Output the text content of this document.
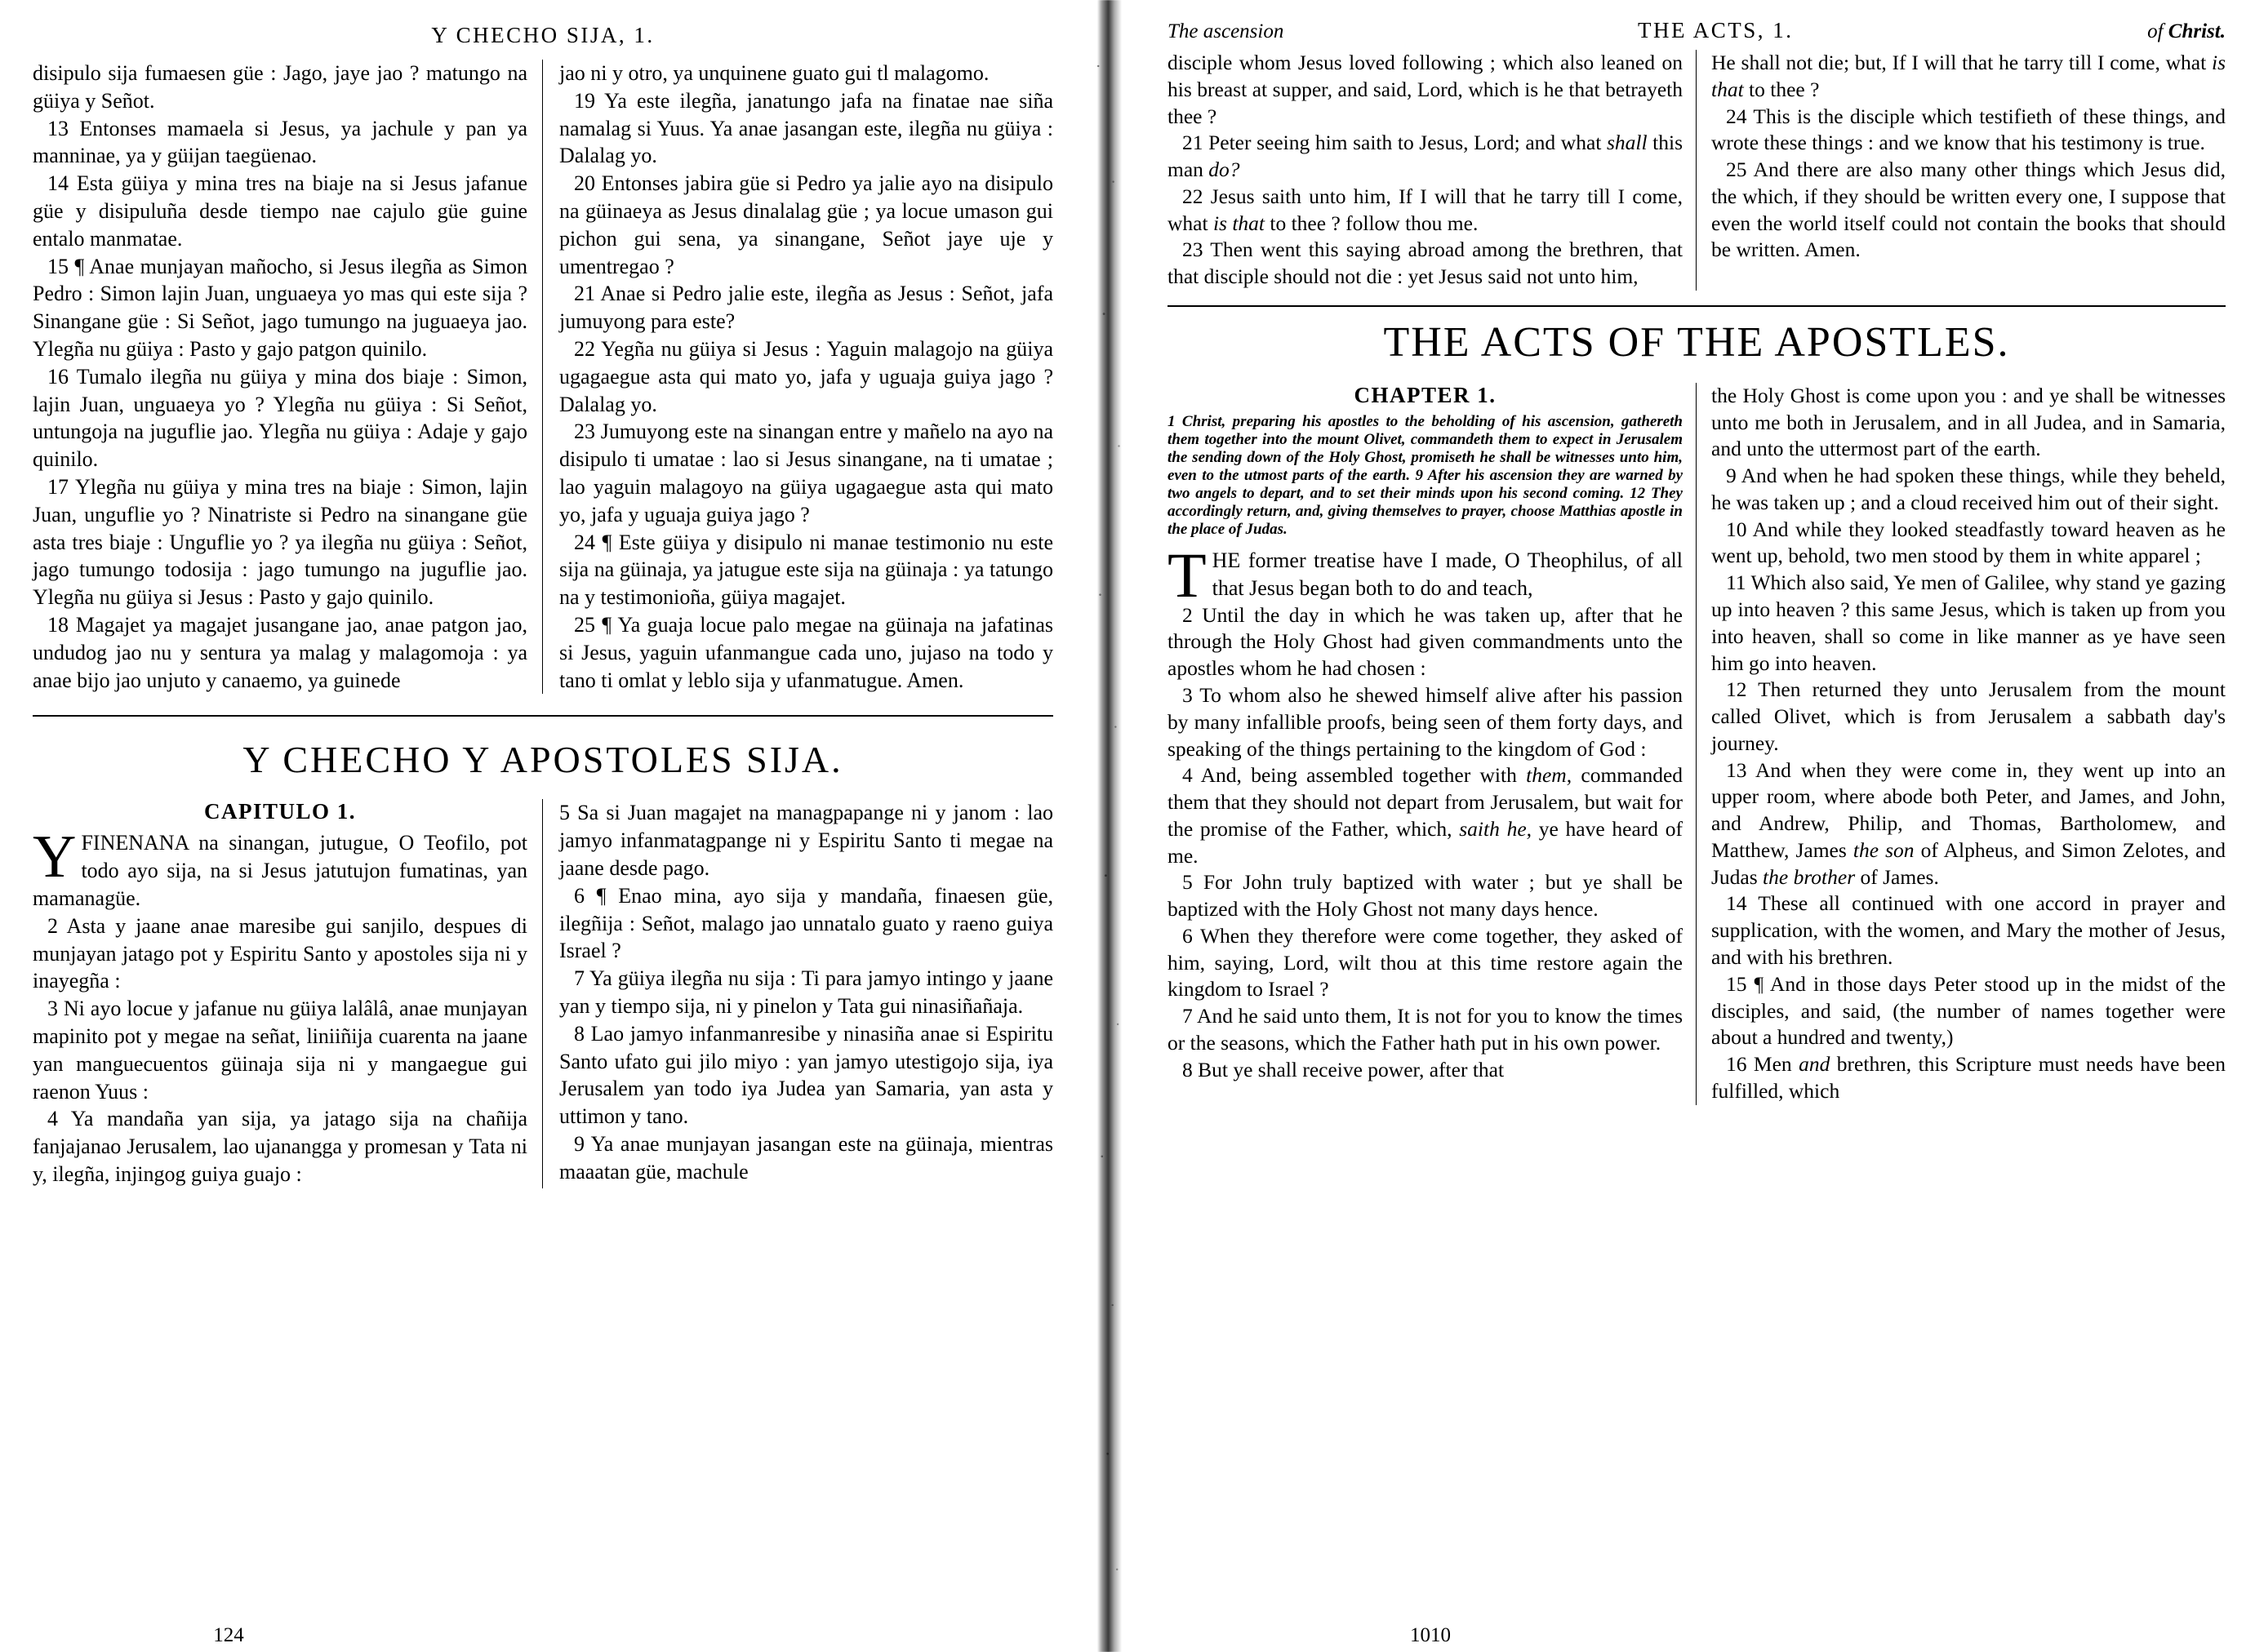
Y CHECHO SIJA, 1.

disipulo sija fumaesen güe : Jago, jaye jao ? matungo na güiya y Señot.

13 Entonses mamaela si Jesus, ya jachule y pan ya manninae, ya y güijan taegüenao.

14 Esta güiya y mina tres na biaje na si Jesus jafanue güe y disipuluña desde tiempo nae cajulo güe guine entalo manmatae.

15 ¶ Anae munjayan mañocho, si Jesus ilegña as Simon Pedro : Simon lajin Juan, unguaeya yo mas qui este sija ? Sinangane güe : Si Señot, jago tumungo na juguaeya jao. Ylegña nu güiya : Pasto y gajo patgon quinilo.

16 Tumalo ilegña nu güiya y mina dos biaje : Simon, lajin Juan, unguaeya yo ? Ylegña nu güiya : Si Señot, untungoja na juguflie jao. Ylegña nu güiya : Adaje y gajo quinilo.

17 Ylegña nu güiya y mina tres na biaje : Simon, lajin Juan, unguflie yo ? Ninatriste si Pedro na sinangane güe asta tres biaje : Unguflie yo ? ya ilegña nu güiya : Señot, jago tumungo todosija : jago tumungo na juguflie jao. Ylegña nu güiya si Jesus : Pasto y gajo quinilo.

18 Magajet ya magajet jusangane jao, anae patgon jao, undudog jao nu y sentura ya malag y malagomoja : ya anae bijo jao unjuto y canaemo, ya guinede

jao ni y otro, ya unquinene guato gui tl malagomo.

19 Ya este ilegña, janatungo jafa na finatae nae siña namalag si Yuus. Ya anae jasangan este, ilegña nu güiya : Dalalag yo.

20 Entonses jabira güe si Pedro ya jalie ayo na disipulo na güinaeya as Jesus dinalalag güe ; ya locue umason gui pichon gui sena, ya sinangane, Señot jaye uje y umentregao ?

21 Anae si Pedro jalie este, ilegña as Jesus : Señot, jafa jumuyong para este?

22 Yegña nu güiya si Jesus : Yaguin malagojo na güiya ugagaegue asta qui mato yo, jafa y uguaja guiya jago ? Dalalag yo.

23 Jumuyong este na sinangan entre y mañelo na ayo na disipulo ti umatae : lao si Jesus sinangane, na ti umatae ; lao yaguin malagoyo na güiya ugagaegue asta qui mato yo, jafa y uguaja guiya jago ?

24 ¶ Este güiya y disipulo ni manae testimonio nu este sija na güinaja, ya jatugue este sija na güinaja : ya tatungo na y testimonioña, güiya magajet.

25 ¶ Ya guaja locue palo megae na güinaja na jafatinas si Jesus, yaguin ufanmangue cada uno, jujaso na todo y tano ti omlat y leblo sija y ufanmatugue. Amen.

Y CHECHO Y APOSTOLES SIJA.
CAPITULO 1.

YFINENANA na sinangan, jutugue, O Teofilo, pot todo ayo sija, na si Jesus jatutujon fumatinas, yan mamanagüe.

2 Asta y jaane anae maresibe gui sanjilo, despues di munjayan jatago pot y Espiritu Santo y apostoles sija ni y inayegña :

3 Ni ayo locue y jafanue nu güiya lalâlâ, anae munjayan mapinito pot y megae na señat, liniiñija cuarenta na jaane yan manguecuentos güinaja sija ni y mangaegue gui raenon Yuus :

4 Ya mandaña yan sija, ya jatago sija na chañija fanjajanao Jerusalem, lao ujanangga y promesan y Tata ni y, ilegña, injingog guiya guajo :

5 Sa si Juan magajet na managpapange ni y janom : lao jamyo infanmatagpange ni y Espiritu Santo ti megae na jaane desde pago.

6 ¶ Enao mina, ayo sija y mandaña, finaesen güe, ilegñija : Señot, malago jao unnatalo guato y raeno guiya Israel ?

7 Ya güiya ilegña nu sija : Ti para jamyo intingo y jaane yan y tiempo sija, ni y pinelon y Tata gui ninasiñañaja.

8 Lao jamyo infanmanresibe y ninasiña anae si Espiritu Santo ufato gui jilo miyo : yan jamyo utestigojo sija, iya Jerusalem yan todo iya Judea yan Samaria, yan asta y uttimon y tano.

9 Ya anae munjayan jasangan este na güinaja, mientras maaatan güe, machule

124
The ascension	THE ACTS, 1.	of Christ.

disciple whom Jesus loved following ; which also leaned on his breast at supper, and said, Lord, which is he that betrayeth thee ?

21 Peter seeing him saith to Jesus, Lord; and what shall this man do?

22 Jesus saith unto him, If I will that he tarry till I come, what is that to thee ? follow thou me.

23 Then went this saying abroad among the brethren, that that disciple should not die : yet Jesus said not unto him,

He shall not die; but, If I will that he tarry till I come, what is that to thee ?

24 This is the disciple which testifieth of these things, and wrote these things : and we know that his testimony is true.

25 And there are also many other things which Jesus did, the which, if they should be written every one, I suppose that even the world itself could not contain the books that should be written. Amen.

THE ACTS OF THE APOSTLES.
CHAPTER 1.
1 Christ, preparing his apostles to the beholding of his ascension, gathereth them together into the mount Olivet, commandeth them to expect in Jerusalem the sending down of the Holy Ghost, promiseth he shall be witnesses unto him, even to the utmost parts of the earth. 9 After his ascension they are warned by two angels to depart, and to set their minds upon his second coming. 12 They accordingly return, and, giving themselves to prayer, choose Matthias apostle in the place of Judas.

THE former treatise have I made, O Theophilus, of all that Jesus began both to do and teach,

2 Until the day in which he was taken up, after that he through the Holy Ghost had given commandments unto the apostles whom he had chosen :

3 To whom also he shewed himself alive after his passion by many infallible proofs, being seen of them forty days, and speaking of the things pertaining to the kingdom of God :

4 And, being assembled together with them, commanded them that they should not depart from Jerusalem, but wait for the promise of the Father, which, saith he, ye have heard of me.

5 For John truly baptized with water ; but ye shall be baptized with the Holy Ghost not many days hence.

6 When they therefore were come together, they asked of him, saying, Lord, wilt thou at this time restore again the kingdom to Israel ?

7 And he said unto them, It is not for you to know the times or the seasons, which the Father hath put in his own power.

8 But ye shall receive power, after that

the Holy Ghost is come upon you : and ye shall be witnesses unto me both in Jerusalem, and in all Judea, and in Samaria, and unto the uttermost part of the earth.

9 And when he had spoken these things, while they beheld, he was taken up ; and a cloud received him out of their sight.

10 And while they looked steadfastly toward heaven as he went up, behold, two men stood by them in white apparel ;

11 Which also said, Ye men of Galilee, why stand ye gazing up into heaven ? this same Jesus, which is taken up from you into heaven, shall so come in like manner as ye have seen him go into heaven.

12 Then returned they unto Jerusalem from the mount called Olivet, which is from Jerusalem a sabbath day's journey.

13 And when they were come in, they went up into an upper room, where abode both Peter, and James, and John, and Andrew, Philip, and Thomas, Bartholomew, and Matthew, James the son of Alpheus, and Simon Zelotes, and Judas the brother of James.

14 These all continued with one accord in prayer and supplication, with the women, and Mary the mother of Jesus, and with his brethren.

15 ¶ And in those days Peter stood up in the midst of the disciples, and said, (the number of names together were about a hundred and twenty,)

16 Men and brethren, this Scripture must needs have been fulfilled, which

1010
